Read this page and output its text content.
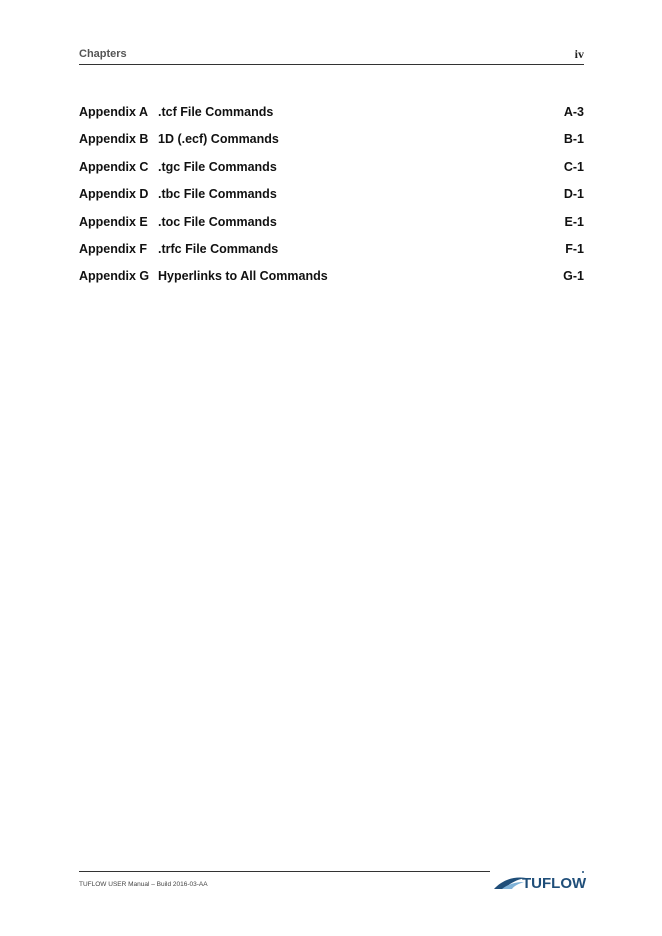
Chapters	iv
Appendix A .tcf File Commands	A-3
Appendix B 1D (.ecf) Commands	B-1
Appendix C .tgc File Commands	C-1
Appendix D .tbc File Commands	D-1
Appendix E .toc File Commands	E-1
Appendix F .trfc File Commands	F-1
Appendix G Hyperlinks to All Commands	G-1
TUFLOW USER Manual – Build 2016-03-AA	TUFLOW
